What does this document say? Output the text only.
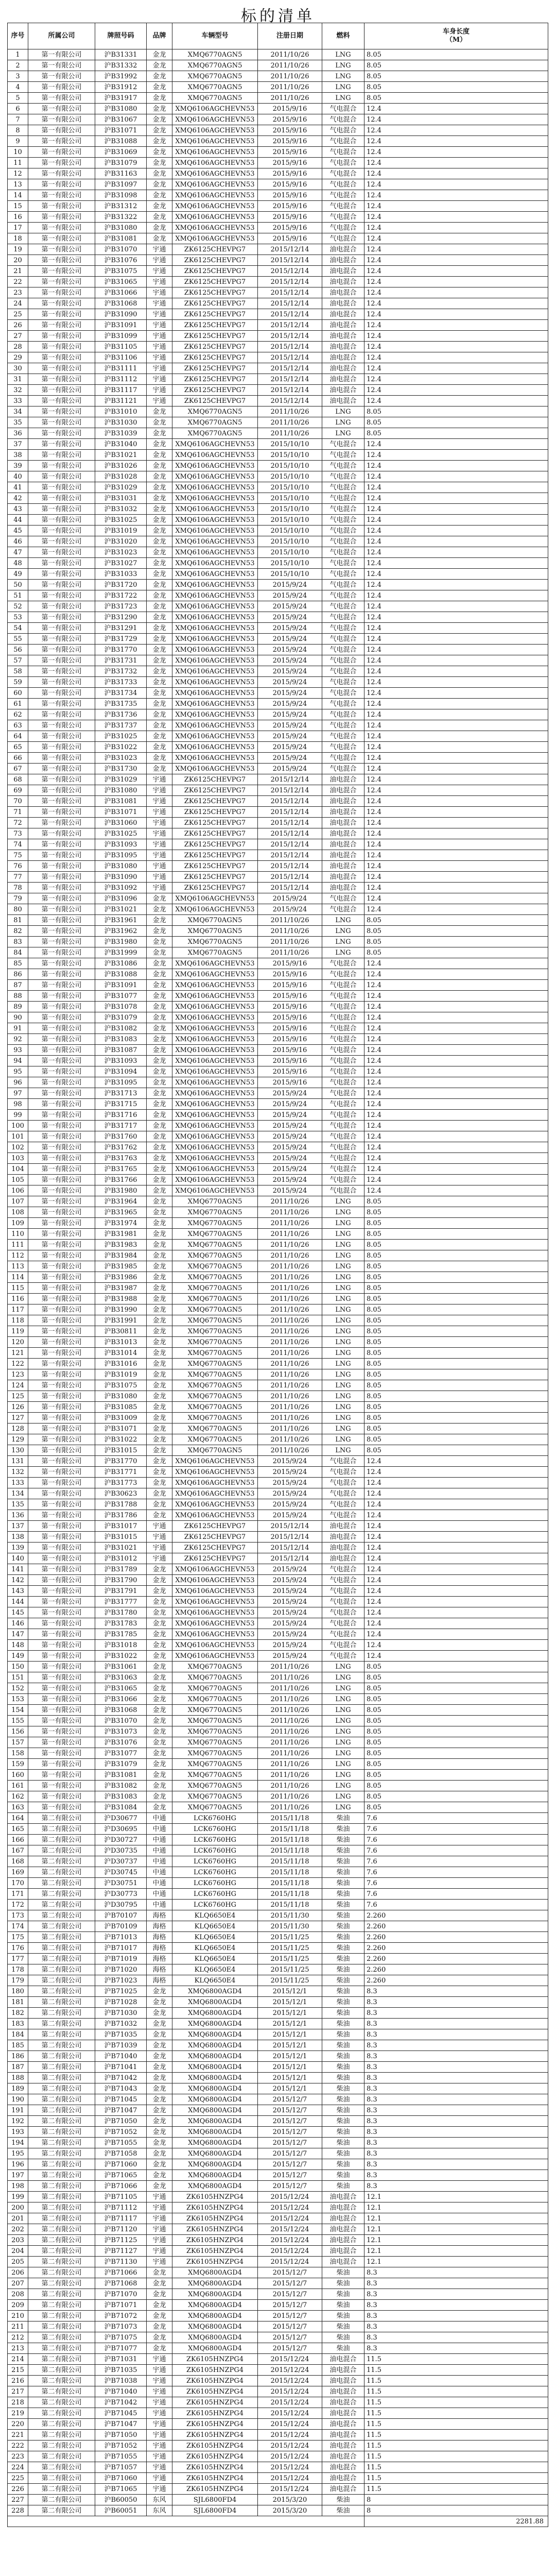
标的清单
序号	所属公司	牌照号码	品牌	车辆型号	注册日期	燃料	车身长度
（M）
1	第一有限公司	沪B31331	金龙	XMQ6770AGN5	2011/10/26	LNG	8.05
2	第一有限公司	沪B31332	金龙	XMQ6770AGN5	2011/10/26	LNG	8.05
3	第一有限公司	沪B31992	金龙	XMQ6770AGN5	2011/10/26	LNG	8.05
4	第一有限公司	沪B31912	金龙	XMQ6770AGN5	2011/10/26	LNG	8.05
5	第一有限公司	沪B31917	金龙	XMQ6770AGN5	2011/10/26	LNG	8.05
6	第一有限公司	沪B31080	金龙	XMQ6106AGCHEVN53	2015/9/16	气电混合	12.4
7	第一有限公司	沪B31067	金龙	XMQ6106AGCHEVN53	2015/9/16	气电混合	12.4
8	第一有限公司	沪B31071	金龙	XMQ6106AGCHEVN53	2015/9/16	气电混合	12.4
9	第一有限公司	沪B31088	金龙	XMQ6106AGCHEVN53	2015/9/16	气电混合	12.4
10	第一有限公司	沪B31069	金龙	XMQ6106AGCHEVN53	2015/9/16	气电混合	12.4
11	第一有限公司	沪B31079	金龙	XMQ6106AGCHEVN53	2015/9/16	气电混合	12.4
12	第一有限公司	沪B31163	金龙	XMQ6106AGCHEVN53	2015/9/16	气电混合	12.4
13	第一有限公司	沪B31097	金龙	XMQ6106AGCHEVN53	2015/9/16	气电混合	12.4
14	第一有限公司	沪B31098	金龙	XMQ6106AGCHEVN53	2015/9/16	气电混合	12.4
15	第一有限公司	沪B31312	金龙	XMQ6106AGCHEVN53	2015/9/16	气电混合	12.4
16	第一有限公司	沪B31322	金龙	XMQ6106AGCHEVN53	2015/9/16	气电混合	12.4
17	第一有限公司	沪B31080	金龙	XMQ6106AGCHEVN53	2015/9/16	气电混合	12.4
18	第一有限公司	沪B31081	金龙	XMQ6106AGCHEVN53	2015/9/16	气电混合	12.4
19	第一有限公司	沪B31070	宇通	ZK6125CHEVPG7	2015/12/14	油电混合	12.4
20	第一有限公司	沪B31076	宇通	ZK6125CHEVPG7	2015/12/14	油电混合	12.4
21	第一有限公司	沪B31075	宇通	ZK6125CHEVPG7	2015/12/14	油电混合	12.4
22	第一有限公司	沪B31065	宇通	ZK6125CHEVPG7	2015/12/14	油电混合	12.4
23	第一有限公司	沪B31066	宇通	ZK6125CHEVPG7	2015/12/14	油电混合	12.4
24	第一有限公司	沪B31068	宇通	ZK6125CHEVPG7	2015/12/14	油电混合	12.4
25	第一有限公司	沪B31090	宇通	ZK6125CHEVPG7	2015/12/14	油电混合	12.4
26	第一有限公司	沪B31091	宇通	ZK6125CHEVPG7	2015/12/14	油电混合	12.4
27	第一有限公司	沪B31099	宇通	ZK6125CHEVPG7	2015/12/14	油电混合	12.4
28	第一有限公司	沪B31105	宇通	ZK6125CHEVPG7	2015/12/14	油电混合	12.4
29	第一有限公司	沪B31106	宇通	ZK6125CHEVPG7	2015/12/14	油电混合	12.4
30	第一有限公司	沪B31111	宇通	ZK6125CHEVPG7	2015/12/14	油电混合	12.4
31	第一有限公司	沪B31112	宇通	ZK6125CHEVPG7	2015/12/14	油电混合	12.4
32	第一有限公司	沪B31117	宇通	ZK6125CHEVPG7	2015/12/14	油电混合	12.4
33	第一有限公司	沪B31121	宇通	ZK6125CHEVPG7	2015/12/14	油电混合	12.4
34	第一有限公司	沪B31010	金龙	XMQ6770AGN5	2011/10/26	LNG	8.05
35	第一有限公司	沪B31030	金龙	XMQ6770AGN5	2011/10/26	LNG	8.05
36	第一有限公司	沪B31039	金龙	XMQ6770AGN5	2011/10/26	LNG	8.05
37	第一有限公司	沪B31040	金龙	XMQ6106AGCHEVN53	2015/10/10	气电混合	12.4
38	第一有限公司	沪B31021	金龙	XMQ6106AGCHEVN53	2015/10/10	气电混合	12.4
39	第一有限公司	沪B31026	金龙	XMQ6106AGCHEVN53	2015/10/10	气电混合	12.4
40	第一有限公司	沪B31028	金龙	XMQ6106AGCHEVN53	2015/10/10	气电混合	12.4
41	第一有限公司	沪B31029	金龙	XMQ6106AGCHEVN53	2015/10/10	气电混合	12.4
42	第一有限公司	沪B31031	金龙	XMQ6106AGCHEVN53	2015/10/10	气电混合	12.4
43	第一有限公司	沪B31032	金龙	XMQ6106AGCHEVN53	2015/10/10	气电混合	12.4
44	第一有限公司	沪B31025	金龙	XMQ6106AGCHEVN53	2015/10/10	气电混合	12.4
45	第一有限公司	沪B31019	金龙	XMQ6106AGCHEVN53	2015/10/10	气电混合	12.4
46	第一有限公司	沪B31020	金龙	XMQ6106AGCHEVN53	2015/10/10	气电混合	12.4
47	第一有限公司	沪B31023	金龙	XMQ6106AGCHEVN53	2015/10/10	气电混合	12.4
48	第一有限公司	沪B31027	金龙	XMQ6106AGCHEVN53	2015/10/10	气电混合	12.4
49	第一有限公司	沪B31033	金龙	XMQ6106AGCHEVN53	2015/10/10	气电混合	12.4
50	第一有限公司	沪B31720	金龙	XMQ6106AGCHEVN53	2015/9/24	气电混合	12.4
51	第一有限公司	沪B31722	金龙	XMQ6106AGCHEVN53	2015/9/24	气电混合	12.4
52	第一有限公司	沪B31723	金龙	XMQ6106AGCHEVN53	2015/9/24	气电混合	12.4
53	第一有限公司	沪B31290	金龙	XMQ6106AGCHEVN53	2015/9/24	气电混合	12.4
54	第一有限公司	沪B31291	金龙	XMQ6106AGCHEVN53	2015/9/24	气电混合	12.4
55	第一有限公司	沪B31729	金龙	XMQ6106AGCHEVN53	2015/9/24	气电混合	12.4
56	第一有限公司	沪B31770	金龙	XMQ6106AGCHEVN53	2015/9/24	气电混合	12.4
57	第一有限公司	沪B31731	金龙	XMQ6106AGCHEVN53	2015/9/24	气电混合	12.4
58	第一有限公司	沪B31732	金龙	XMQ6106AGCHEVN53	2015/9/24	气电混合	12.4
59	第一有限公司	沪B31733	金龙	XMQ6106AGCHEVN53	2015/9/24	气电混合	12.4
60	第一有限公司	沪B31734	金龙	XMQ6106AGCHEVN53	2015/9/24	气电混合	12.4
61	第一有限公司	沪B31735	金龙	XMQ6106AGCHEVN53	2015/9/24	气电混合	12.4
62	第一有限公司	沪B31736	金龙	XMQ6106AGCHEVN53	2015/9/24	气电混合	12.4
63	第一有限公司	沪B31737	金龙	XMQ6106AGCHEVN53	2015/9/24	气电混合	12.4
64	第一有限公司	沪B31025	金龙	XMQ6106AGCHEVN53	2015/9/24	气电混合	12.4
65	第一有限公司	沪B31022	金龙	XMQ6106AGCHEVN53	2015/9/24	气电混合	12.4
66	第一有限公司	沪B31023	金龙	XMQ6106AGCHEVN53	2015/9/24	气电混合	12.4
67	第一有限公司	沪B31730	金龙	XMQ6106AGCHEVN53	2015/9/24	气电混合	12.4
68	第一有限公司	沪B31029	宇通	ZK6125CHEVPG7	2015/12/14	油电混合	12.4
69	第一有限公司	沪B31080	宇通	ZK6125CHEVPG7	2015/12/14	油电混合	12.4
70	第一有限公司	沪B31081	宇通	ZK6125CHEVPG7	2015/12/14	油电混合	12.4
71	第一有限公司	沪B31071	宇通	ZK6125CHEVPG7	2015/12/14	油电混合	12.4
72	第一有限公司	沪B31060	宇通	ZK6125CHEVPG7	2015/12/14	油电混合	12.4
73	第一有限公司	沪B31025	宇通	ZK6125CHEVPG7	2015/12/14	油电混合	12.4
74	第一有限公司	沪B31093	宇通	ZK6125CHEVPG7	2015/12/14	油电混合	12.4
75	第一有限公司	沪B31095	宇通	ZK6125CHEVPG7	2015/12/14	油电混合	12.4
76	第一有限公司	沪B31080	宇通	ZK6125CHEVPG7	2015/12/14	油电混合	12.4
77	第一有限公司	沪B31090	宇通	ZK6125CHEVPG7	2015/12/14	油电混合	12.4
78	第一有限公司	沪B31092	宇通	ZK6125CHEVPG7	2015/12/14	油电混合	12.4
79	第一有限公司	沪B31096	金龙	XMQ6106AGCHEVN53	2015/9/24	气电混合	12.4
80	第一有限公司	沪B31021	金龙	XMQ6106AGCHEVN53	2015/9/24	气电混合	12.4
81	第一有限公司	沪B31961	金龙	XMQ6770AGN5	2011/10/26	LNG	8.05
82	第一有限公司	沪B31962	金龙	XMQ6770AGN5	2011/10/26	LNG	8.05
83	第一有限公司	沪B31980	金龙	XMQ6770AGN5	2011/10/26	LNG	8.05
84	第一有限公司	沪B31999	金龙	XMQ6770AGN5	2011/10/26	LNG	8.05
85	第一有限公司	沪B31086	金龙	XMQ6106AGCHEVN53	2015/9/16	气电混合	12.4
86	第一有限公司	沪B31088	金龙	XMQ6106AGCHEVN53	2015/9/16	气电混合	12.4
87	第一有限公司	沪B31091	金龙	XMQ6106AGCHEVN53	2015/9/16	气电混合	12.4
88	第一有限公司	沪B31077	金龙	XMQ6106AGCHEVN53	2015/9/16	气电混合	12.4
89	第一有限公司	沪B31078	金龙	XMQ6106AGCHEVN53	2015/9/16	气电混合	12.4
90	第一有限公司	沪B31079	金龙	XMQ6106AGCHEVN53	2015/9/16	气电混合	12.4
91	第一有限公司	沪B31082	金龙	XMQ6106AGCHEVN53	2015/9/16	气电混合	12.4
92	第一有限公司	沪B31083	金龙	XMQ6106AGCHEVN53	2015/9/16	气电混合	12.4
93	第一有限公司	沪B31087	金龙	XMQ6106AGCHEVN53	2015/9/16	气电混合	12.4
94	第一有限公司	沪B31093	金龙	XMQ6106AGCHEVN53	2015/9/16	气电混合	12.4
95	第一有限公司	沪B31094	金龙	XMQ6106AGCHEVN53	2015/9/16	气电混合	12.4
96	第一有限公司	沪B31095	金龙	XMQ6106AGCHEVN53	2015/9/16	气电混合	12.4
97	第一有限公司	沪B31713	金龙	XMQ6106AGCHEVN53	2015/9/24	气电混合	12.4
98	第一有限公司	沪B31715	金龙	XMQ6106AGCHEVN53	2015/9/24	气电混合	12.4
99	第一有限公司	沪B31716	金龙	XMQ6106AGCHEVN53	2015/9/24	气电混合	12.4
100	第一有限公司	沪B31717	金龙	XMQ6106AGCHEVN53	2015/9/24	气电混合	12.4
101	第一有限公司	沪B31760	金龙	XMQ6106AGCHEVN53	2015/9/24	气电混合	12.4
102	第一有限公司	沪B31762	金龙	XMQ6106AGCHEVN53	2015/9/24	气电混合	12.4
103	第一有限公司	沪B31763	金龙	XMQ6106AGCHEVN53	2015/9/24	气电混合	12.4
104	第一有限公司	沪B31765	金龙	XMQ6106AGCHEVN53	2015/9/24	气电混合	12.4
105	第一有限公司	沪B31766	金龙	XMQ6106AGCHEVN53	2015/9/24	气电混合	12.4
106	第一有限公司	沪B31980	金龙	XMQ6106AGCHEVN53	2015/9/24	气电混合	12.4
107	第一有限公司	沪B31964	金龙	XMQ6770AGN5	2011/10/26	LNG	8.05
108	第一有限公司	沪B31965	金龙	XMQ6770AGN5	2011/10/26	LNG	8.05
109	第一有限公司	沪B31974	金龙	XMQ6770AGN5	2011/10/26	LNG	8.05
110	第一有限公司	沪B31981	金龙	XMQ6770AGN5	2011/10/26	LNG	8.05
111	第一有限公司	沪B31983	金龙	XMQ6770AGN5	2011/10/26	LNG	8.05
112	第一有限公司	沪B31984	金龙	XMQ6770AGN5	2011/10/26	LNG	8.05
113	第一有限公司	沪B31985	金龙	XMQ6770AGN5	2011/10/26	LNG	8.05
114	第一有限公司	沪B31986	金龙	XMQ6770AGN5	2011/10/26	LNG	8.05
115	第一有限公司	沪B31987	金龙	XMQ6770AGN5	2011/10/26	LNG	8.05
116	第一有限公司	沪B31988	金龙	XMQ6770AGN5	2011/10/26	LNG	8.05
117	第一有限公司	沪B31990	金龙	XMQ6770AGN5	2011/10/26	LNG	8.05
118	第一有限公司	沪B31991	金龙	XMQ6770AGN5	2011/10/26	LNG	8.05
119	第一有限公司	沪B30811	金龙	XMQ6770AGN5	2011/10/26	LNG	8.05
120	第一有限公司	沪B31013	金龙	XMQ6770AGN5	2011/10/26	LNG	8.05
121	第一有限公司	沪B31014	金龙	XMQ6770AGN5	2011/10/26	LNG	8.05
122	第一有限公司	沪B31016	金龙	XMQ6770AGN5	2011/10/26	LNG	8.05
123	第一有限公司	沪B31019	金龙	XMQ6770AGN5	2011/10/26	LNG	8.05
124	第一有限公司	沪B31075	金龙	XMQ6770AGN5	2011/10/26	LNG	8.05
125	第一有限公司	沪B31080	金龙	XMQ6770AGN5	2011/10/26	LNG	8.05
126	第一有限公司	沪B31085	金龙	XMQ6770AGN5	2011/10/26	LNG	8.05
127	第一有限公司	沪B31009	金龙	XMQ6770AGN5	2011/10/26	LNG	8.05
128	第一有限公司	沪B31071	金龙	XMQ6770AGN5	2011/10/26	LNG	8.05
129	第一有限公司	沪B31022	金龙	XMQ6770AGN5	2011/10/26	LNG	8.05
130	第一有限公司	沪B31015	金龙	XMQ6770AGN5	2011/10/26	LNG	8.05
131	第一有限公司	沪B31770	金龙	XMQ6106AGCHEVN53	2015/9/24	气电混合	12.4
132	第一有限公司	沪B31771	金龙	XMQ6106AGCHEVN53	2015/9/24	气电混合	12.4
133	第一有限公司	沪B31773	金龙	XMQ6106AGCHEVN53	2015/9/24	气电混合	12.4
134	第一有限公司	沪B30623	金龙	XMQ6106AGCHEVN53	2015/9/24	气电混合	12.4
135	第一有限公司	沪B31788	金龙	XMQ6106AGCHEVN53	2015/9/24	气电混合	12.4
136	第一有限公司	沪B31786	金龙	XMQ6106AGCHEVN53	2015/9/24	气电混合	12.4
137	第一有限公司	沪B31017	宇通	ZK6125CHEVPG7	2015/12/14	油电混合	12.4
138	第一有限公司	沪B31015	宇通	ZK6125CHEVPG7	2015/12/14	油电混合	12.4
139	第一有限公司	沪B31021	宇通	ZK6125CHEVPG7	2015/12/14	油电混合	12.4
140	第一有限公司	沪B31012	宇通	ZK6125CHEVPG7	2015/12/14	油电混合	12.4
141	第一有限公司	沪B31789	金龙	XMQ6106AGCHEVN53	2015/9/24	气电混合	12.4
142	第一有限公司	沪B31790	金龙	XMQ6106AGCHEVN53	2015/9/24	气电混合	12.4
143	第一有限公司	沪B31791	金龙	XMQ6106AGCHEVN53	2015/9/24	气电混合	12.4
144	第一有限公司	沪B31777	金龙	XMQ6106AGCHEVN53	2015/9/24	气电混合	12.4
145	第一有限公司	沪B31780	金龙	XMQ6106AGCHEVN53	2015/9/24	气电混合	12.4
146	第一有限公司	沪B31783	金龙	XMQ6106AGCHEVN53	2015/9/24	气电混合	12.4
147	第一有限公司	沪B31785	金龙	XMQ6106AGCHEVN53	2015/9/24	气电混合	12.4
148	第一有限公司	沪B31018	金龙	XMQ6106AGCHEVN53	2015/9/24	气电混合	12.4
149	第一有限公司	沪B31022	金龙	XMQ6106AGCHEVN53	2015/9/24	气电混合	12.4
150	第一有限公司	沪B31061	金龙	XMQ6770AGN5	2011/10/26	LNG	8.05
151	第一有限公司	沪B31063	金龙	XMQ6770AGN5	2011/10/26	LNG	8.05
152	第一有限公司	沪B31065	金龙	XMQ6770AGN5	2011/10/26	LNG	8.05
153	第一有限公司	沪B31066	金龙	XMQ6770AGN5	2011/10/26	LNG	8.05
154	第一有限公司	沪B31068	金龙	XMQ6770AGN5	2011/10/26	LNG	8.05
155	第一有限公司	沪B31070	金龙	XMQ6770AGN5	2011/10/26	LNG	8.05
156	第一有限公司	沪B31073	金龙	XMQ6770AGN5	2011/10/26	LNG	8.05
157	第一有限公司	沪B31076	金龙	XMQ6770AGN5	2011/10/26	LNG	8.05
158	第一有限公司	沪B31077	金龙	XMQ6770AGN5	2011/10/26	LNG	8.05
159	第一有限公司	沪B31079	金龙	XMQ6770AGN5	2011/10/26	LNG	8.05
160	第一有限公司	沪B31081	金龙	XMQ6770AGN5	2011/10/26	LNG	8.05
161	第一有限公司	沪B31082	金龙	XMQ6770AGN5	2011/10/26	LNG	8.05
162	第一有限公司	沪B31083	金龙	XMQ6770AGN5	2011/10/26	LNG	8.05
163	第一有限公司	沪B31084	金龙	XMQ6770AGN5	2011/10/26	LNG	8.05
164	第二有限公司	沪D30677	中通	LCK6760HG	2015/11/18	柴油	7.6
165	第二有限公司	沪D30695	中通	LCK6760HG	2015/11/18	柴油	7.6
166	第二有限公司	沪D30727	中通	LCK6760HG	2015/11/18	柴油	7.6
167	第二有限公司	沪D30735	中通	LCK6760HG	2015/11/18	柴油	7.6
168	第二有限公司	沪D30737	中通	LCK6760HG	2015/11/18	柴油	7.6
169	第二有限公司	沪D30745	中通	LCK6760HG	2015/11/18	柴油	7.6
170	第二有限公司	沪D30751	中通	LCK6760HG	2015/11/18	柴油	7.6
171	第二有限公司	沪D30773	中通	LCK6760HG	2015/11/18	柴油	7.6
172	第二有限公司	沪D30795	中通	LCK6760HG	2015/11/18	柴油	7.6
173	第二有限公司	沪B70107	海格	KLQ6650E4	2015/11/30	柴油	2.260
174	第二有限公司	沪B70109	海格	KLQ6650E4	2015/11/30	柴油	2.260
175	第二有限公司	沪B71013	海格	KLQ6650E4	2015/11/25	柴油	2.260
176	第二有限公司	沪B71017	海格	KLQ6650E4	2015/11/25	柴油	2.260
177	第二有限公司	沪B71019	海格	KLQ6650E4	2015/11/25	柴油	2.260
178	第二有限公司	沪B71020	海格	KLQ6650E4	2015/11/25	柴油	2.260
179	第二有限公司	沪B71023	海格	KLQ6650E4	2015/11/25	柴油	2.260
180	第二有限公司	沪B71025	金龙	XMQ6800AGD4	2015/12/1	柴油	8.3
181	第二有限公司	沪B71028	金龙	XMQ6800AGD4	2015/12/1	柴油	8.3
182	第二有限公司	沪B71030	金龙	XMQ6800AGD4	2015/12/1	柴油	8.3
183	第二有限公司	沪B71032	金龙	XMQ6800AGD4	2015/12/1	柴油	8.3
184	第二有限公司	沪B71035	金龙	XMQ6800AGD4	2015/12/1	柴油	8.3
185	第二有限公司	沪B71039	金龙	XMQ6800AGD4	2015/12/1	柴油	8.3
186	第二有限公司	沪B71040	金龙	XMQ6800AGD4	2015/12/1	柴油	8.3
187	第二有限公司	沪B71041	金龙	XMQ6800AGD4	2015/12/1	柴油	8.3
188	第二有限公司	沪B71042	金龙	XMQ6800AGD4	2015/12/1	柴油	8.3
189	第二有限公司	沪B71043	金龙	XMQ6800AGD4	2015/12/1	柴油	8.3
190	第二有限公司	沪B71045	金龙	XMQ6800AGD4	2015/12/7	柴油	8.3
191	第二有限公司	沪B71047	金龙	XMQ6800AGD4	2015/12/7	柴油	8.3
192	第二有限公司	沪B71050	金龙	XMQ6800AGD4	2015/12/7	柴油	8.3
193	第二有限公司	沪B71052	金龙	XMQ6800AGD4	2015/12/7	柴油	8.3
194	第二有限公司	沪B71055	金龙	XMQ6800AGD4	2015/12/7	柴油	8.3
195	第二有限公司	沪B71058	金龙	XMQ6800AGD4	2015/12/7	柴油	8.3
196	第二有限公司	沪B71060	金龙	XMQ6800AGD4	2015/12/7	柴油	8.3
197	第二有限公司	沪B71065	金龙	XMQ6800AGD4	2015/12/7	柴油	8.3
198	第二有限公司	沪B71066	金龙	XMQ6800AGD4	2015/12/7	柴油	8.3
199	第二有限公司	沪B71105	宇通	ZK6105HNZPG4	2015/12/24	油电混合	12.1
200	第二有限公司	沪B71112	宇通	ZK6105HNZPG4	2015/12/24	油电混合	12.1
201	第二有限公司	沪B71117	宇通	ZK6105HNZPG4	2015/12/24	油电混合	12.1
202	第二有限公司	沪B71120	宇通	ZK6105HNZPG4	2015/12/24	油电混合	12.1
203	第二有限公司	沪B71125	宇通	ZK6105HNZPG4	2015/12/24	油电混合	12.1
204	第二有限公司	沪B71127	宇通	ZK6105HNZPG4	2015/12/24	油电混合	12.1
205	第二有限公司	沪B71130	宇通	ZK6105HNZPG4	2015/12/24	油电混合	12.1
206	第二有限公司	沪B71066	金龙	XMQ6800AGD4	2015/12/7	柴油	8.3
207	第二有限公司	沪B71068	金龙	XMQ6800AGD4	2015/12/7	柴油	8.3
208	第二有限公司	沪B71070	金龙	XMQ6800AGD4	2015/12/7	柴油	8.3
209	第二有限公司	沪B71071	金龙	XMQ6800AGD4	2015/12/7	柴油	8.3
210	第二有限公司	沪B71072	金龙	XMQ6800AGD4	2015/12/7	柴油	8.3
211	第二有限公司	沪B71073	金龙	XMQ6800AGD4	2015/12/7	柴油	8.3
212	第二有限公司	沪B71075	金龙	XMQ6800AGD4	2015/12/7	柴油	8.3
213	第二有限公司	沪B71077	金龙	XMQ6800AGD4	2015/12/7	柴油	8.3
214	第二有限公司	沪B71031	宇通	ZK6105HNZPG4	2015/12/24	油电混合	11.5
215	第二有限公司	沪B71035	宇通	ZK6105HNZPG4	2015/12/24	油电混合	11.5
216	第二有限公司	沪B71038	宇通	ZK6105HNZPG4	2015/12/24	油电混合	11.5
217	第二有限公司	沪B71040	宇通	ZK6105HNZPG4	2015/12/24	油电混合	11.5
218	第二有限公司	沪B71042	宇通	ZK6105HNZPG4	2015/12/24	油电混合	11.5
219	第二有限公司	沪B71045	宇通	ZK6105HNZPG4	2015/12/24	油电混合	11.5
220	第二有限公司	沪B71047	宇通	ZK6105HNZPG4	2015/12/24	油电混合	11.5
221	第二有限公司	沪B71050	宇通	ZK6105HNZPG4	2015/12/24	油电混合	11.5
222	第二有限公司	沪B71052	宇通	ZK6105HNZPG4	2015/12/24	油电混合	11.5
223	第二有限公司	沪B71055	宇通	ZK6105HNZPG4	2015/12/24	油电混合	11.5
224	第二有限公司	沪B71057	宇通	ZK6105HNZPG4	2015/12/24	油电混合	11.5
225	第二有限公司	沪B71060	宇通	ZK6105HNZPG4	2015/12/24	油电混合	11.5
226	第二有限公司	沪B71065	宇通	ZK6105HNZPG4	2015/12/24	油电混合	11.5
227	第二有限公司	沪B60050	东风	SJL6800FD4	2015/3/20	柴油	8
228	第二有限公司	沪B60051	东风	SJL6800FD4	2015/3/20	柴油	8
							2281.88
